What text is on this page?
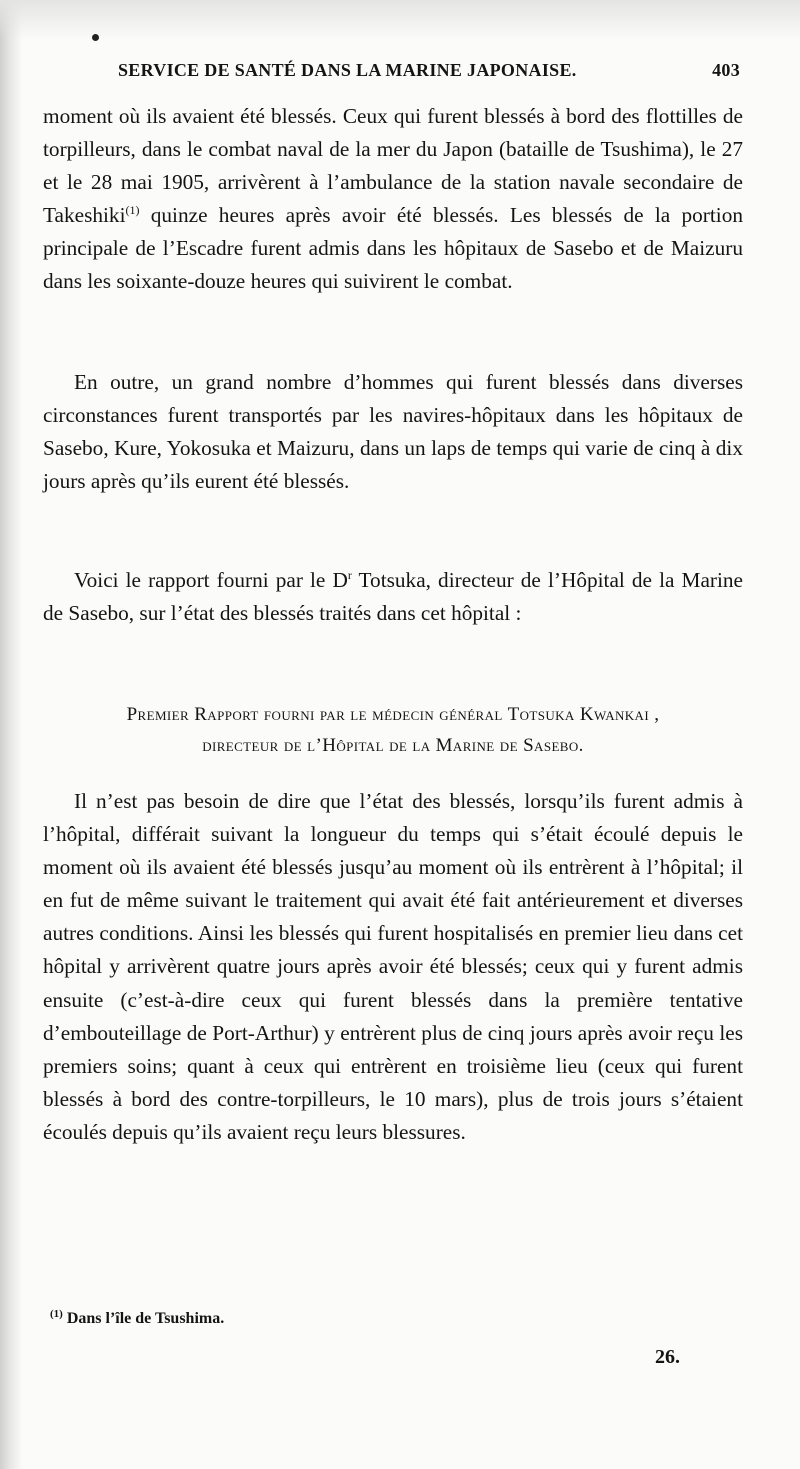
SERVICE DE SANTÉ DANS LA MARINE JAPONAISE.	403

moment où ils avaient été blessés. Ceux qui furent blessés à bord des flottilles de torpilleurs, dans le combat naval de la mer du Japon (bataille de Tsushima), le 27 et le 28 mai 1905, arrivèrent à l’ambulance de la station navale secondaire de Takeshiki$^{(1)}$ quinze heures après avoir été blessés. Les blessés de la portion principale de l’Escadre furent admis dans les hôpitaux de Sasebo et de Maizuru dans les soixante-douze heures qui suivirent le combat.

En outre, un grand nombre d’hommes qui furent blessés dans diverses circonstances furent transportés par les navires-hôpitaux dans les hôpitaux de Sasebo, Kure, Yokosuka et Maizuru, dans un laps de temps qui varie de cinq à dix jours après qu’ils eurent été blessés.

Voici le rapport fourni par le $D^r$ Totsuka, directeur de l’Hôpital de la Marine de Sasebo, sur l’état des blessés traités dans cet hôpital :

Premier Rapport fourni par le médecin général Totsuka Kwankai ,
directeur de l’Hôpital de la Marine de Sasebo.

Il n’est pas besoin de dire que l’état des blessés, lorsqu’ils furent admis à l’hôpital, différait suivant la longueur du temps qui s’était écoulé depuis le moment où ils avaient été blessés jusqu’au moment où ils entrèrent à l’hôpital; il en fut de même suivant le traitement qui avait été fait antérieurement et diverses autres conditions. Ainsi les blessés qui furent hospitalisés en premier lieu dans cet hôpital y arrivèrent quatre jours après avoir été blessés; ceux qui y furent admis ensuite (c’est-à-dire ceux qui furent blessés dans la première tentative d’embouteillage de Port-Arthur) y entrèrent plus de cinq jours après avoir reçu les premiers soins; quant à ceux qui entrèrent en troisième lieu (ceux qui furent blessés à bord des contre-torpilleurs, le 10 mars), plus de trois jours s’étaient écoulés depuis qu’ils avaient reçu leurs blessures.

$^{(1)}$ Dans l’île de Tsushima.

26.
